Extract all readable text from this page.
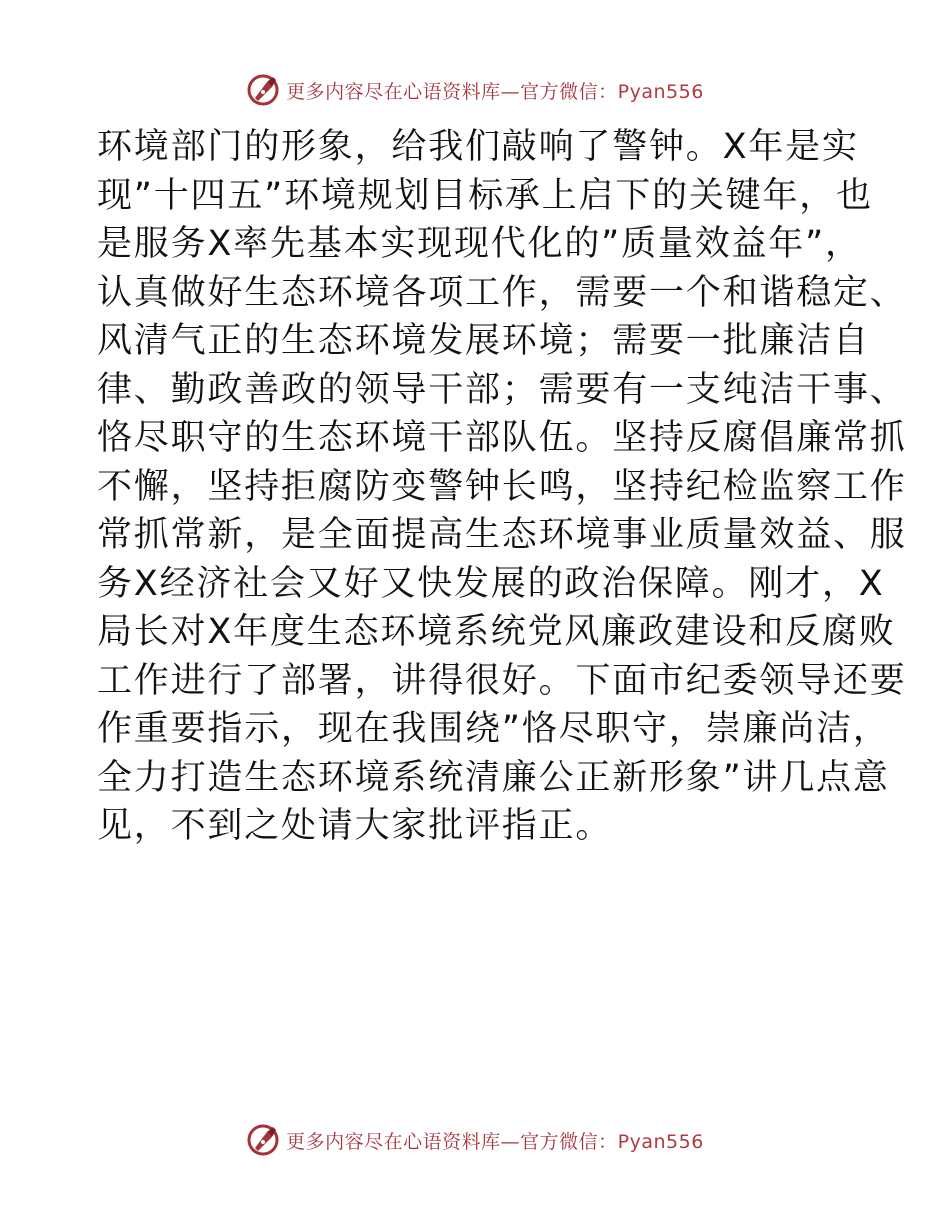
更多内容尽在心语资料库—官方微信：Pyan556
环境部门的形象，给我们敲响了警钟。X年是实
现”十四五”环境规划目标承上启下的关键年，也
是服务X率先基本实现现代化的”质量效益年”，
认真做好生态环境各项工作，需要一个和谐稳定、
风清气正的生态环境发展环境；需要一批廉洁自
律、勤政善政的领导干部；需要有一支纯洁干事、
恪尽职守的生态环境干部队伍。坚持反腐倡廉常抓
不懈，坚持拒腐防变警钟长鸣，坚持纪检监察工作
常抓常新，是全面提高生态环境事业质量效益、服
务X经济社会又好又快发展的政治保障。刚才，X
局长对X年度生态环境系统党风廉政建设和反腐败
工作进行了部署，讲得很好。下面市纪委领导还要
作重要指示，现在我围绕”恪尽职守，崇廉尚洁，
全力打造生态环境系统清廉公正新形象”讲几点意
见，不到之处请大家批评指正。
更多内容尽在心语资料库—官方微信：Pyan556
